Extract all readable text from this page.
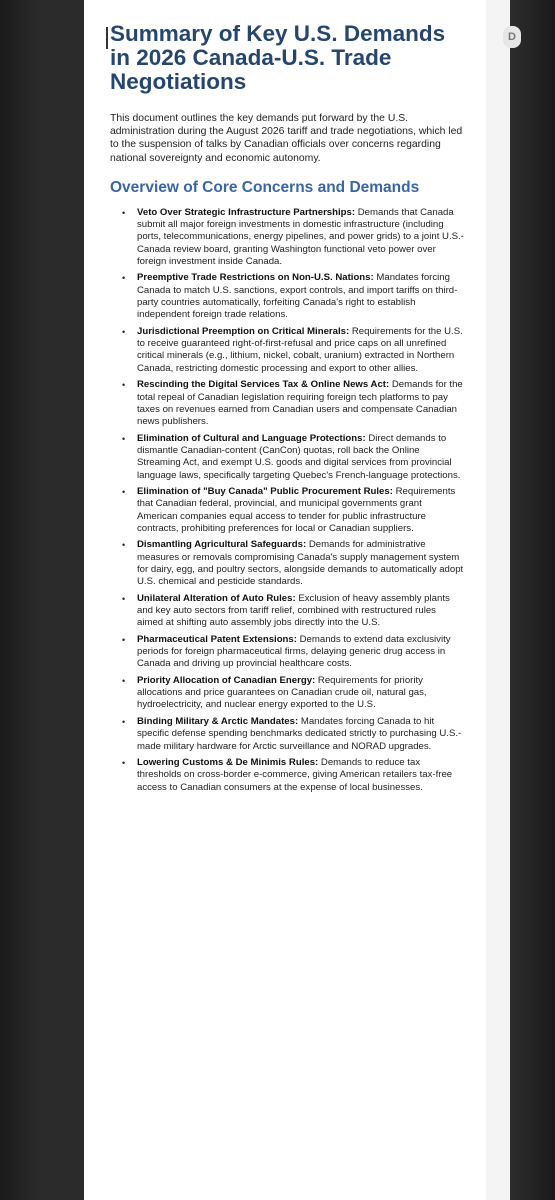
Summary of Key U.S. Demands in 2026 Canada-U.S. Trade Negotiations

This document outlines the key demands put forward by the U.S. administration during the August 2026 tariff and trade negotiations, which led to the suspension of talks by Canadian officials over concerns regarding national sovereignty and economic autonomy.

Overview of Core Concerns and Demands
• Veto Over Strategic Infrastructure Partnerships: Demands that Canada submit all major foreign investments in domestic infrastructure (including ports, telecommunications, energy pipelines, and power grids) to a joint U.S.-Canada review board, granting Washington functional veto power over foreign investment inside Canada.
• Preemptive Trade Restrictions on Non-U.S. Nations: Mandates forcing Canada to match U.S. sanctions, export controls, and import tariffs on third-party countries automatically, forfeiting Canada's right to establish independent foreign trade relations.
• Jurisdictional Preemption on Critical Minerals: Requirements for the U.S. to receive guaranteed right-of-first-refusal and price caps on all unrefined critical minerals (e.g., lithium, nickel, cobalt, uranium) extracted in Northern Canada, restricting domestic processing and export to other allies.
• Rescinding the Digital Services Tax & Online News Act: Demands for the total repeal of Canadian legislation requiring foreign tech platforms to pay taxes on revenues earned from Canadian users and compensate Canadian news publishers.
• Elimination of Cultural and Language Protections: Direct demands to dismantle Canadian-content (CanCon) quotas, roll back the Online Streaming Act, and exempt U.S. goods and digital services from provincial language laws, specifically targeting Quebec's French-language protections.
• Elimination of "Buy Canada" Public Procurement Rules: Requirements that Canadian federal, provincial, and municipal governments grant American companies equal access to tender for public infrastructure contracts, prohibiting preferences for local or Canadian suppliers.
• Dismantling Agricultural Safeguards: Demands for administrative measures or removals compromising Canada's supply management system for dairy, egg, and poultry sectors, alongside demands to automatically adopt U.S. chemical and pesticide standards.
• Unilateral Alteration of Auto Rules: Exclusion of heavy assembly plants and key auto sectors from tariff relief, combined with restructured rules aimed at shifting auto assembly jobs directly into the U.S.
• Pharmaceutical Patent Extensions: Demands to extend data exclusivity periods for foreign pharmaceutical firms, delaying generic drug access in Canada and driving up provincial healthcare costs.
• Priority Allocation of Canadian Energy: Requirements for priority allocations and price guarantees on Canadian crude oil, natural gas, hydroelectricity, and nuclear energy exported to the U.S.
• Binding Military & Arctic Mandates: Mandates forcing Canada to hit specific defense spending benchmarks dedicated strictly to purchasing U.S.-made military hardware for Arctic surveillance and NORAD upgrades.
• Lowering Customs & De Minimis Rules: Demands to reduce tax thresholds on cross-border e-commerce, giving American retailers tax-free access to Canadian consumers at the expense of local businesses.
D
